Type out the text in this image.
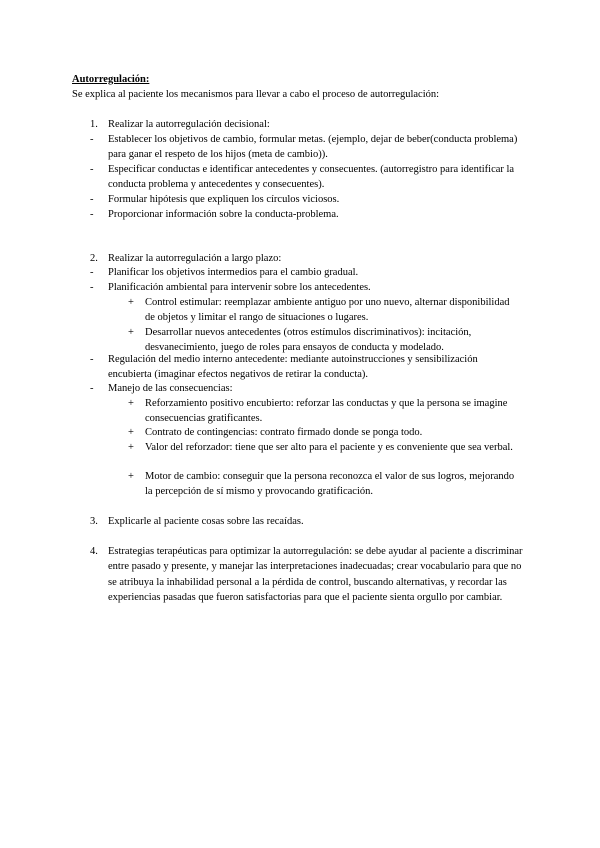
Autorregulación:
Se explica al paciente los mecanismos para llevar a cabo el proceso de autorregulación:
1. Realizar la autorregulación decisional:
- Establecer los objetivos de cambio, formular metas. (ejemplo, dejar de beber(conducta problema) para ganar el respeto de los hijos (meta de cambio)).
- Especificar conductas e identificar antecedentes y consecuentes. (autorregistro para identificar la conducta problema y antecedentes y consecuentes).
- Formular hipótesis que expliquen los círculos viciosos.
- Proporcionar información sobre la conducta-problema.
2. Realizar la autorregulación a largo plazo:
- Planificar los objetivos intermedios para el cambio gradual.
- Planificación ambiental para intervenir sobre los antecedentes.
+ Control estimular: reemplazar ambiente antiguo por uno nuevo, alternar disponibilidad de objetos y limitar el rango de situaciones o lugares.
+ Desarrollar nuevos antecedentes (otros estímulos discriminativos): incitación, desvanecimiento, juego de roles para ensayos de conducta y modelado.
- Regulación del medio interno antecedente: mediante autoinstrucciones y sensibilización encubierta (imaginar efectos negativos de retirar la conducta).
- Manejo de las consecuencias:
+ Reforzamiento positivo encubierto: reforzar las conductas y que la persona se imagine consecuencias gratificantes.
+ Contrato de contingencias: contrato firmado donde se ponga todo.
+ Valor del reforzador: tiene que ser alto para el paciente y es conveniente que sea verbal.
+ Motor de cambio: conseguir que la persona reconozca el valor de sus logros, mejorando la percepción de sí mismo y provocando gratificación.
3. Explicarle al paciente cosas sobre las recaídas.
4. Estrategias terapéuticas para optimizar la autorregulación: se debe ayudar al paciente a discriminar entre pasado y presente, y manejar las interpretaciones inadecuadas; crear vocabulario para que no se atribuya la inhabilidad personal a la pérdida de control, buscando alternativas, y recordar las experiencias pasadas que fueron satisfactorias para que el paciente sienta orgullo por cambiar.
